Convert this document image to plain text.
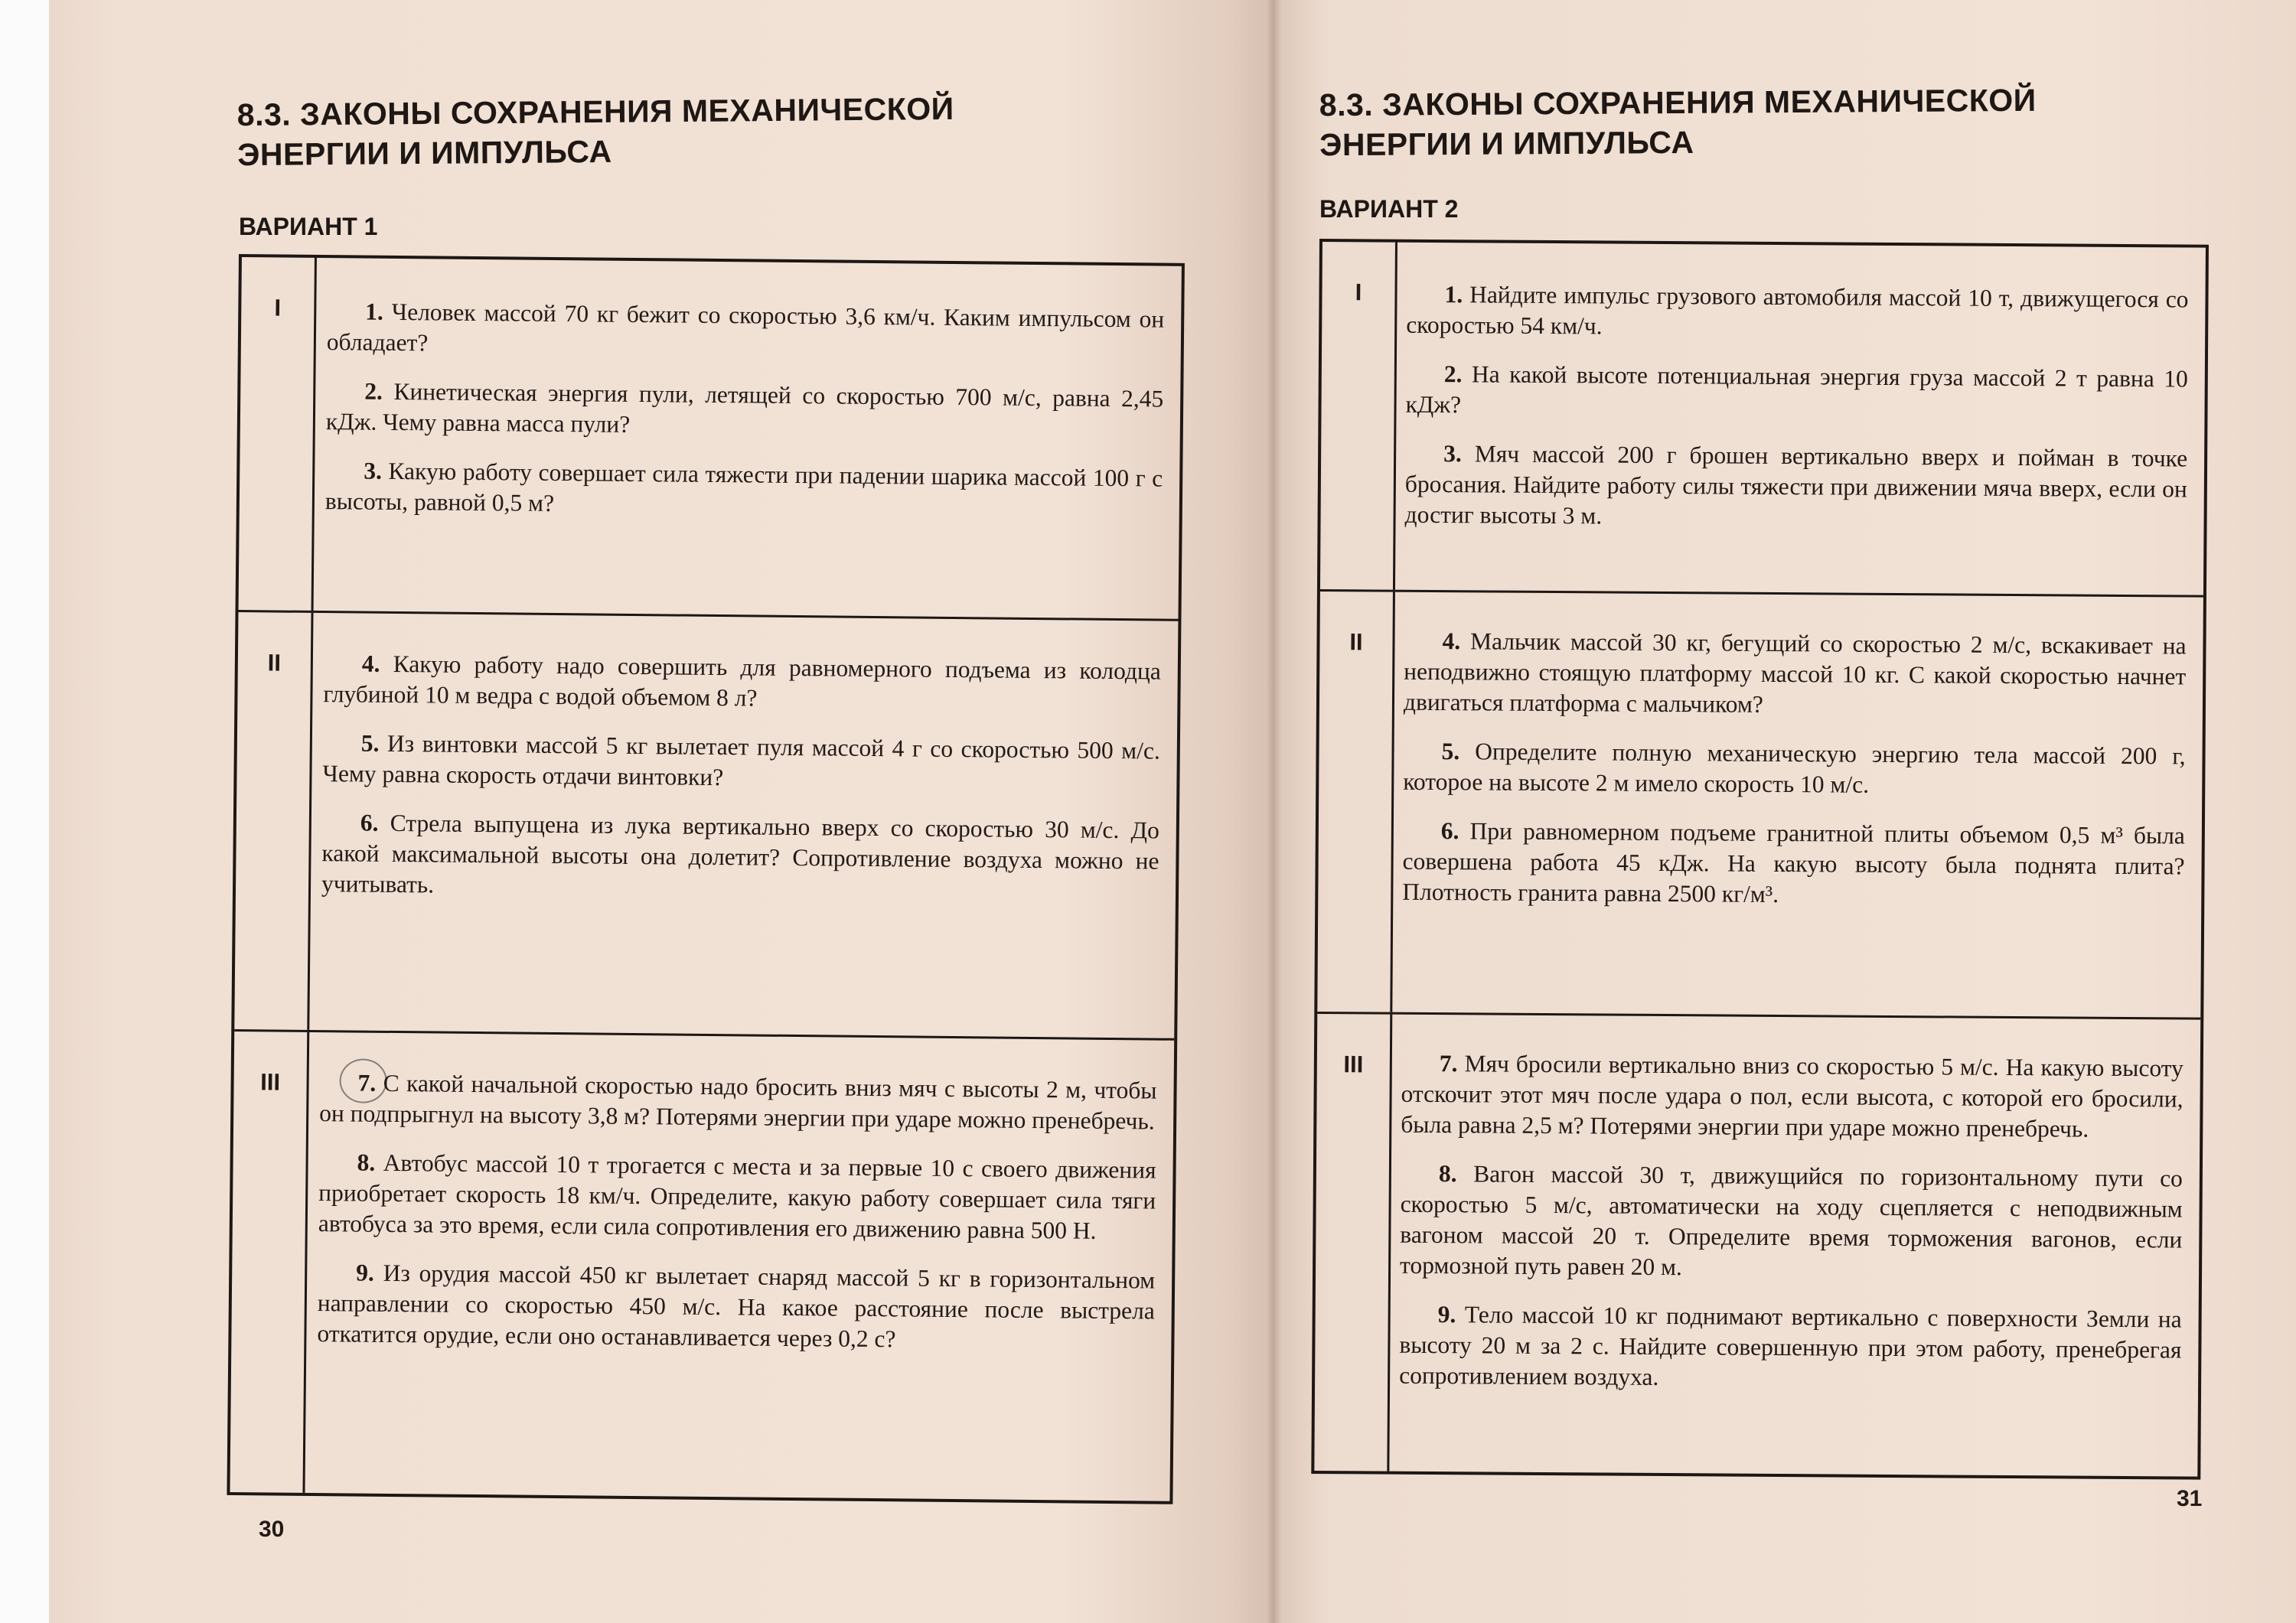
8.3. ЗАКОНЫ СОХРАНЕНИЯ МЕХАНИЧЕСКОЙ
ЭНЕРГИИ И ИМПУЛЬСА
ВАРИАНТ 1
I	1. Человек массой 70 кг бежит со скоростью 3,6 км/ч. Каким импульсом он обладает?

2. Кинетическая энергия пули, летящей со скоростью 700 м/с, равна 2,45 кДж. Чему равна масса пули?

3. Какую работу совершает сила тяжести при падении шарика массой 100 г с высоты, равной 0,5 м?

II	4. Какую работу надо совершить для равномерного подъема из колодца глубиной 10 м ведра с водой объемом 8 л?

5. Из винтовки массой 5 кг вылетает пуля массой 4 г со скоростью 500 м/с. Чему равна скорость отдачи винтовки?

6. Стрела выпущена из лука вертикально вверх со скоростью 30 м/с. До какой максимальной высоты она долетит? Сопротивление воздуха можно не учитывать.

III	7. С какой начальной скоростью надо бросить вниз мяч с высоты 2 м, чтобы он подпрыгнул на высоту 3,8 м? Потерями энергии при ударе можно пренебречь.

8. Автобус массой 10 т трогается с места и за первые 10 с своего движения приобретает скорость 18 км/ч. Определите, какую работу совершает сила тяги автобуса за это время, если сила сопротивления его движению равна 500 Н.

9. Из орудия массой 450 кг вылетает снаряд массой 5 кг в горизонтальном направлении со скоростью 450 м/с. На какое расстояние после выстрела откатится орудие, если оно останавливается через 0,2 с?

30

8.3. ЗАКОНЫ СОХРАНЕНИЯ МЕХАНИЧЕСКОЙ
ЭНЕРГИИ И ИМПУЛЬСА
ВАРИАНТ 2
I	1. Найдите импульс грузового автомобиля массой 10 т, движущегося со скоростью 54 км/ч.

2. На какой высоте потенциальная энергия груза массой 2 т равна 10 кДж?

3. Мяч массой 200 г брошен вертикально вверх и пойман в точке бросания. Найдите работу силы тяжести при движении мяча вверх, если он достиг высоты 3 м.

II	4. Мальчик массой 30 кг, бегущий со скоростью 2 м/с, вскакивает на неподвижно стоящую платформу массой 10 кг. С какой скоростью начнет двигаться платформа с мальчиком?

5. Определите полную механическую энергию тела массой 200 г, которое на высоте 2 м имело скорость 10 м/с.

6. При равномерном подъеме гранитной плиты объемом 0,5 м³ была совершена работа 45 кДж. На какую высоту была поднята плита? Плотность гранита равна 2500 кг/м³.

III	7. Мяч бросили вертикально вниз со скоростью 5 м/с. На какую высоту отскочит этот мяч после удара о пол, если высота, с которой его бросили, была равна 2,5 м? Потерями энергии при ударе можно пренебречь.

8. Вагон массой 30 т, движущийся по горизонтальному пути со скоростью 5 м/с, автоматически на ходу сцепляется с неподвижным вагоном массой 20 т. Определите время торможения вагонов, если тормозной путь равен 20 м.

9. Тело массой 10 кг поднимают вертикально с поверхности Земли на высоту 20 м за 2 с. Найдите совершенную при этом работу, пренебрегая сопротивлением воздуха.

31
